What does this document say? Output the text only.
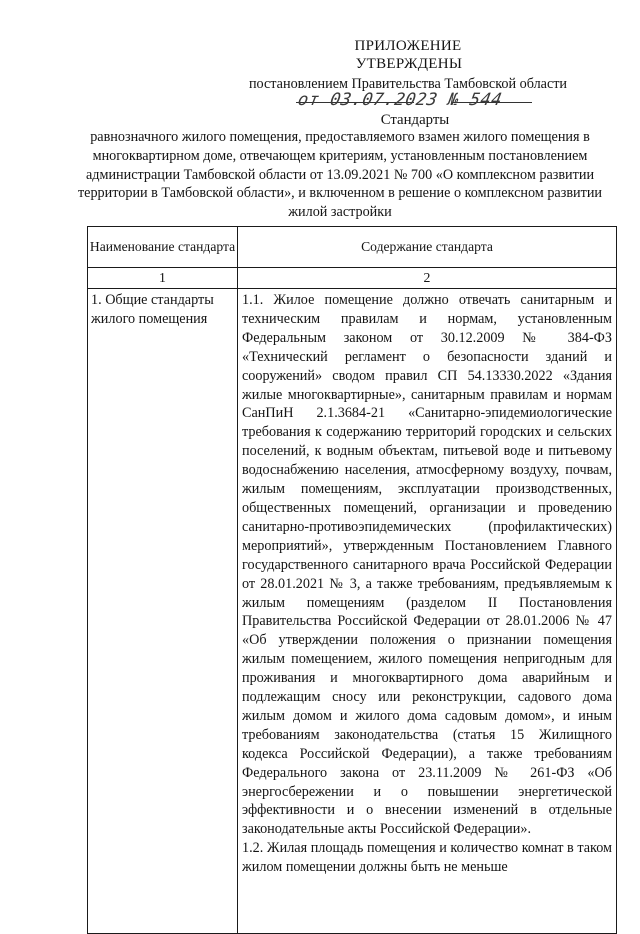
ПРИЛОЖЕНИЕ
УТВЕРЖДЕНЫ
постановлением Правительства Тамбовской области
от 03.07.2023 № 544
Стандарты
равнозначного жилого помещения, предоставляемого взамен жилого помещения в многоквартирном доме, отвечающем критериям, установленным постановлением администрации Тамбовской области от 13.09.2021 № 700 «О комплексном развитии территории в Тамбовской области», и включенном в решение о комплексном развитии жилой застройки
Наименование стандарта	Содержание стандарта
1	2
1. Общие стандарты жилого помещения	1.1. Жилое помещение должно отвечать санитарным и техническим правилам и нормам, установленным Федеральным законом от 30.12.2009 № 384-ФЗ «Технический регламент о безопасности зданий и сооружений» сводом правил СП 54.13330.2022 «Здания жилые многоквартирные», санитарным правилам и нормам СанПиН 2.1.3684-21 «Санитарно-эпидемиологические требования к содержанию территорий городских и сельских поселений, к водным объектам, питьевой воде и питьевому водоснабжению населения, атмосферному воздуху, почвам, жилым помещениям, эксплуатации производственных, общественных помещений, организации и проведению санитарно-противоэпидемических (профилактических) мероприятий», утвержденным Постановлением Главного государственного санитарного врача Российской Федерации от 28.01.2021 № 3, а также требованиям, предъявляемым к жилым помещениям (разделом II Постановления Правительства Российской Федерации от 28.01.2006 № 47 «Об утверждении положения о признании помещения жилым помещением, жилого помещения непригодным для проживания и многоквартирного дома аварийным и подлежащим сносу или реконструкции, садового дома жилым домом и жилого дома садовым домом», и иным требованиям законодательства (статья 15 Жилищного кодекса Российской Федерации), а также требованиям Федерального закона от 23.11.2009 № 261-ФЗ «Об энергосбережении и о повышении энергетической эффективности и о внесении изменений в отдельные законодательные акты Российской Федерации».

1.2. Жилая площадь помещения и количество комнат в таком жилом помещении должны быть не меньше
